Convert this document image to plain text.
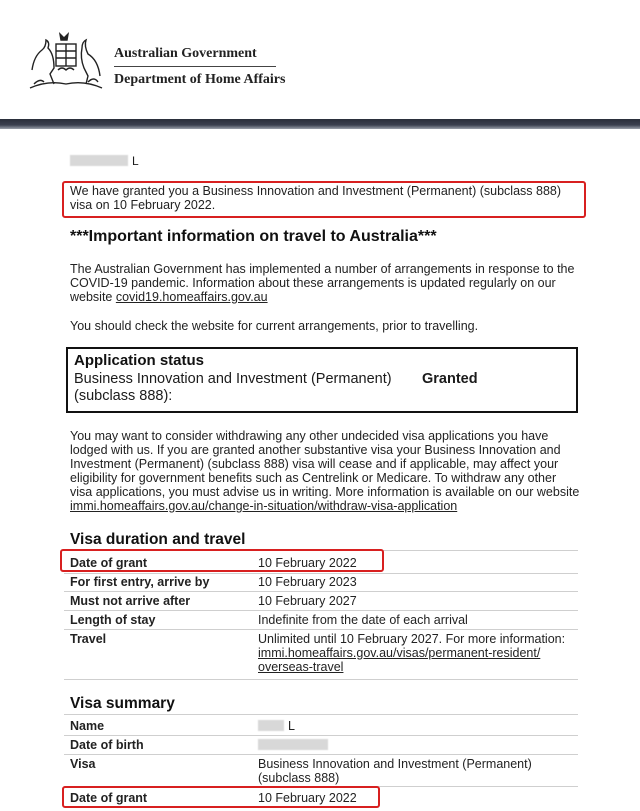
Australian Government
Department of Home Affairs
L
We have granted you a Business Innovation and Investment (Permanent) (subclass 888) visa on 10 February 2022.
***Important information on travel to Australia***
The Australian Government has implemented a number of arrangements in response to the COVID-19 pandemic. Information about these arrangements is updated regularly on our website covid19.homeaffairs.gov.au
You should check the website for current arrangements, prior to travelling.
Application status
Business Innovation and Investment (Permanent) (subclass 888):
Granted
You may want to consider withdrawing any other undecided visa applications you have lodged with us. If you are granted another substantive visa your Business Innovation and Investment (Permanent) (subclass 888) visa will cease and if applicable, may affect your eligibility for government benefits such as Centrelink or Medicare. To withdraw any other visa applications, you must advise us in writing. More information is available on our website immi.homeaffairs.gov.au/change-in-situation/withdraw-visa-application
Visa duration and travel
Date of grant	10 February 2022
For first entry, arrive by	10 February 2023
Must not arrive after	10 February 2027
Length of stay	Indefinite from the date of each arrival
Travel	Unlimited until 10 February 2027. For more information: immi.homeaffairs.gov.au/visas/permanent-resident/ overseas-travel
Visa summary
Name	L
Date of birth
Visa	Business Innovation and Investment (Permanent) (subclass 888)
Date of grant	10 February 2022
